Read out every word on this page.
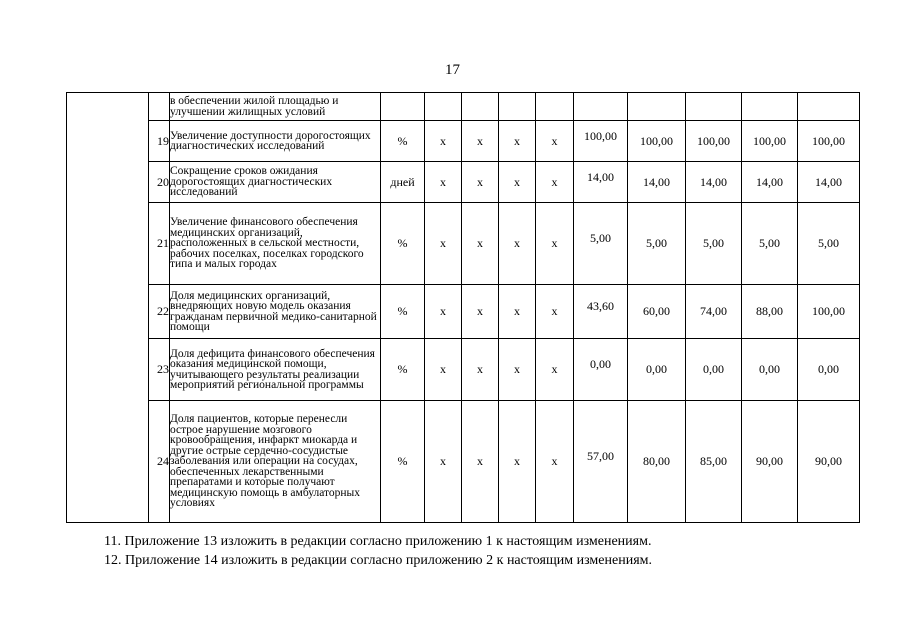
17
		в обеспечении жилой площадью и улучшении жилищных условий										
	19	Увеличение доступности дорогостоящих диагностических исследований	%	x	x	x	x	100,00	100,00	100,00	100,00	100,00
	20	Сокращение сроков ожидания дорогостоящих диагностических исследований	дней	x	x	x	x	14,00	14,00	14,00	14,00	14,00
	21	Увеличение финансового обеспечения медицинских организаций, расположенных в сельской местности, рабочих поселках, поселках городского типа и малых городах	%	x	x	x	x	5,00	5,00	5,00	5,00	5,00
	22	Доля медицинских организаций, внедряющих новую модель оказания гражданам первичной медико-санитарной помощи	%	x	x	x	x	43,60	60,00	74,00	88,00	100,00
	23	Доля дефицита финансового обеспечения оказания медицинской помощи, учитывающего результаты реализации мероприятий региональной программы	%	x	x	x	x	0,00	0,00	0,00	0,00	0,00
	24	Доля пациентов, которые перенесли острое нарушение мозгового кровообращения, инфаркт миокарда и другие острые сердечно-сосудистые заболевания или операции на сосудах, обеспеченных лекарственными препаратами и которые получают медицинскую помощь в амбулаторных условиях	%	x	x	x	x	57,00	80,00	85,00	90,00	90,00
11. Приложение 13 изложить в редакции согласно приложению 1 к настоящим изменениям.
12. Приложение 14 изложить в редакции согласно приложению 2 к настоящим изменениям.
